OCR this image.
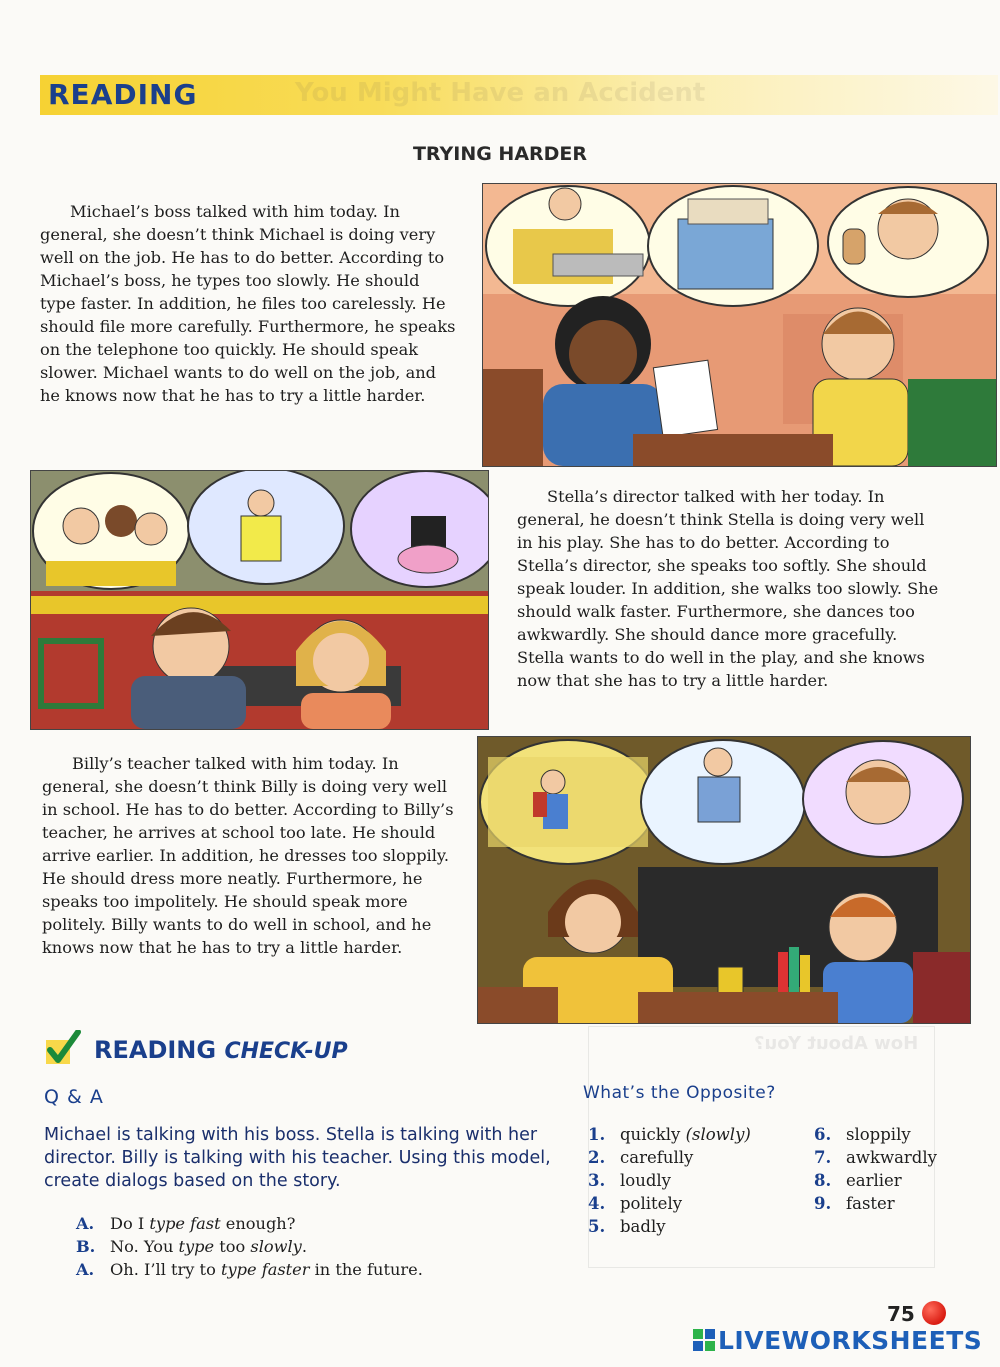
You Might Have an Accident
READING
TRYING HARDER

Michael’s boss talked with him today. In general, she doesn’t think Michael is doing very well on the job. He has to do better. According to Michael’s boss, he types too slowly. He should type faster. In addition, he files too carelessly. He should file more carefully. Furthermore, he speaks on the telephone too quickly. He should speak slower. Michael wants to do well on the job, and he knows now that he has to try a little harder.

Stella’s director talked with her today. In general, he doesn’t think Stella is doing very well in his play. She has to do better. According to Stella’s director, she speaks too softly. She should speak louder. In addition, she walks too slowly. She should walk faster. Furthermore, she dances too awkwardly. She should dance more gracefully. Stella wants to do well in the play, and she knows now that she has to try a little harder.

Billy’s teacher talked with him today. In general, she doesn’t think Billy is doing very well in school. He has to do better. According to Billy’s teacher, he arrives at school too late. He should arrive earlier. In addition, he dresses too sloppily. He should dress more neatly. Furthermore, he speaks too impolitely. He should speak more politely. Billy wants to do well in school, and he knows now that he has to try a little harder.

How About You?
READING CHECK-UP
Q & A

Michael is talking with his boss. Stella is talking with her director. Billy is talking with his teacher. Using this model, create dialogs based on the story.

A. Do I type fast enough?
B. No. You type too slowly.
A. Oh. I’ll try to type faster in the future.
What’s the Opposite?
1. quickly (slowly)
2. carefully
3. loudly
4. politely
5. badly
6. sloppily
7. awkwardly
8. earlier
9. faster
75
LIVEWORKSHEETS
